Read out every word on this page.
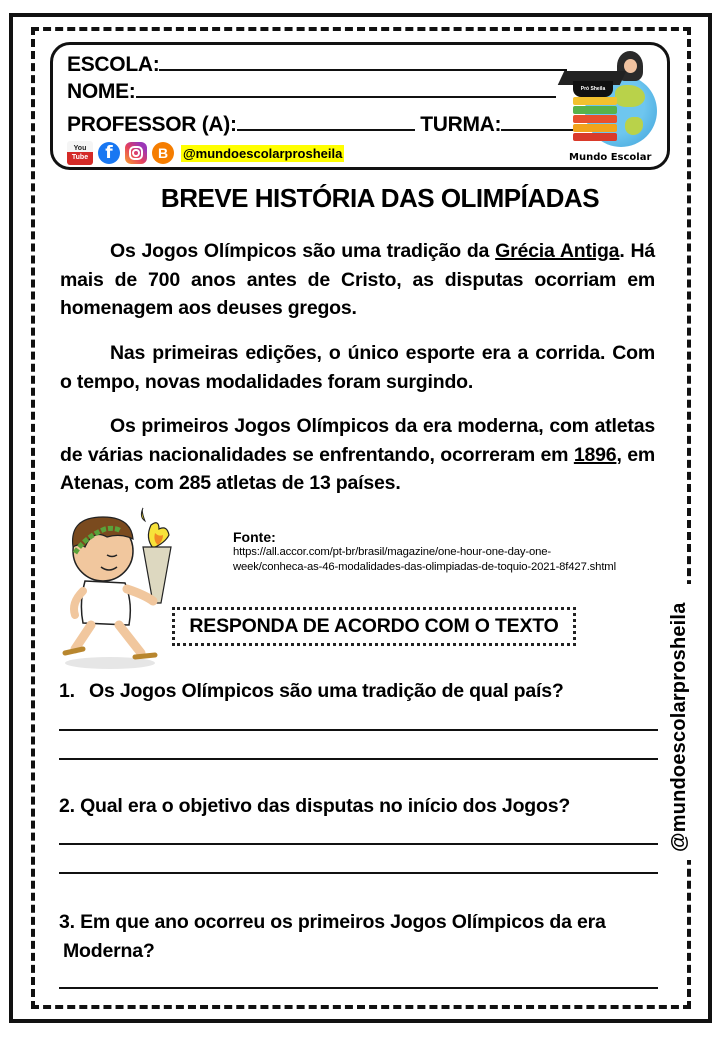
ESCOLA:
NOME:
PROFESSOR (A):	TURMA:
You
Tube	f	B	@mundoescolarprosheila
Pró Sheila
Mundo Escolar
BREVE HISTÓRIA DAS OLIMPÍADAS

Os Jogos Olímpicos são uma tradição da Grécia Antiga. Há mais de 700 anos antes de Cristo, as disputas ocorriam em homenagem aos deuses gregos.

Nas primeiras edições, o único esporte era a corrida. Com o tempo, novas modalidades foram surgindo.

Os primeiros Jogos Olímpicos da era moderna, com atletas de várias nacionalidades se enfrentando, ocorreram em 1896, em Atenas, com 285 atletas de 13 países.

Fonte:
https://all.accor.com/pt-br/brasil/magazine/one-hour-one-day-one-
week/conheca-as-46-modalidades-das-olimpiadas-de-toquio-2021-8f427.shtml
RESPONDA DE ACORDO COM O TEXTO	@mundoescolarprosheila
1. Os Jogos Olímpicos são uma tradição de qual país?
2. Qual era o objetivo das disputas no início dos Jogos?
3. Em que ano ocorreu os primeiros Jogos Olímpicos da era
Moderna?
